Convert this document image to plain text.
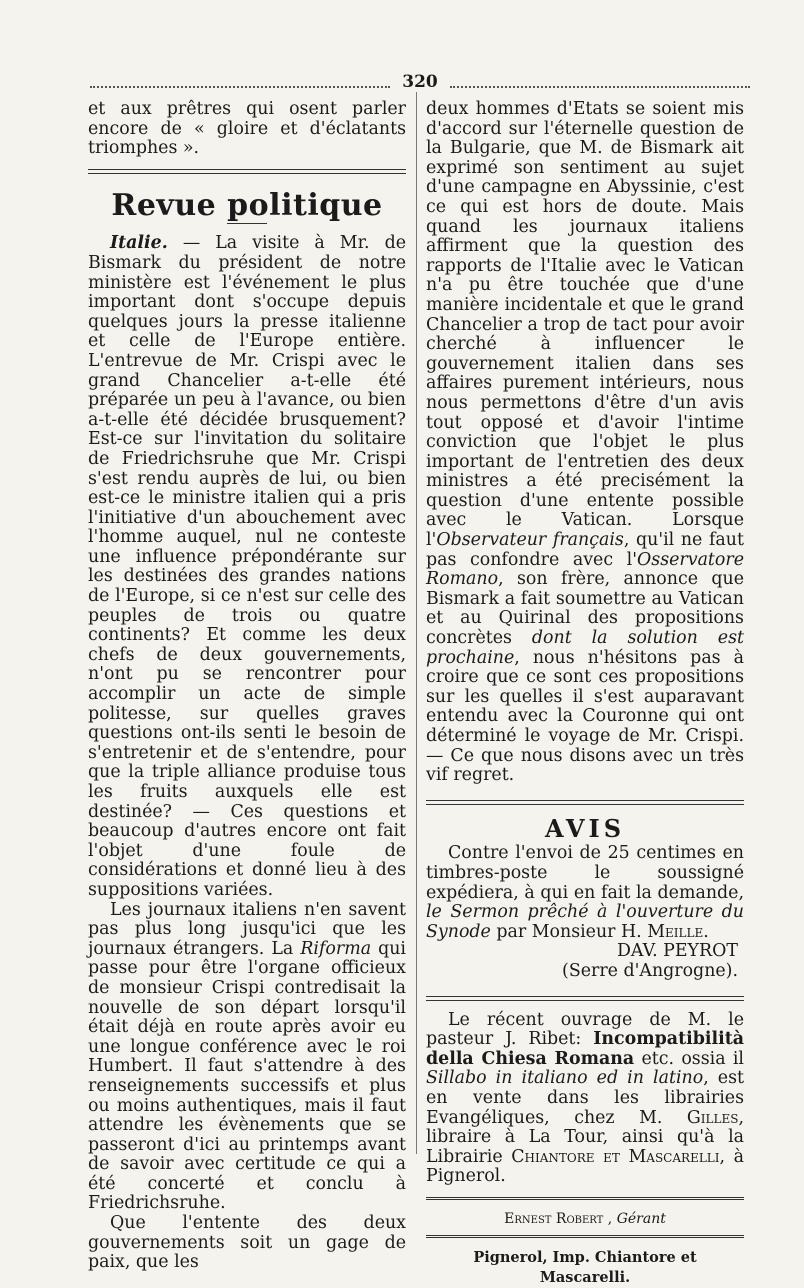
320

et aux prêtres qui osent parler encore de « gloire et d'éclatants triomphes ».

Revue politique

Italie. — La visite à Mr. de Bismark du président de notre ministère est l'événement le plus important dont s'occupe depuis quelques jours la presse italienne et celle de l'Europe entière. L'entrevue de Mr. Crispi avec le grand Chancelier a-t-elle été préparée un peu à l'avance, ou bien a-t-elle été décidée brusquement? Est-ce sur l'invitation du solitaire de Friedrichsruhe que Mr. Crispi s'est rendu auprès de lui, ou bien est-ce le ministre italien qui a pris l'initiative d'un abouchement avec l'homme auquel, nul ne conteste une influence prépondérante sur les destinées des grandes nations de l'Europe, si ce n'est sur celle des peuples de trois ou quatre continents? Et comme les deux chefs de deux gouvernements, n'ont pu se rencontrer pour accomplir un acte de simple politesse, sur quelles graves questions ont-ils senti le besoin de s'entretenir et de s'entendre, pour que la triple alliance produise tous les fruits auxquels elle est destinée? — Ces questions et beaucoup d'autres encore ont fait l'objet d'une foule de considérations et donné lieu à des suppositions variées.

Les journaux italiens n'en savent pas plus long jusqu'ici que les journaux étrangers. La Riforma qui passe pour être l'organe officieux de monsieur Crispi contredisait la nouvelle de son départ lorsqu'il était déjà en route après avoir eu une longue conférence avec le roi Humbert. Il faut s'attendre à des renseignements successifs et plus ou moins authentiques, mais il faut attendre les évènements que se passeront d'ici au printemps avant de savoir avec certitude ce qui a été concerté et conclu à Friedrichsruhe.

Que l'entente des deux gouvernements soit un gage de paix, que les

deux hommes d'Etats se soient mis d'accord sur l'éternelle question de la Bulgarie, que M. de Bismark ait exprimé son sentiment au sujet d'une campagne en Abyssinie, c'est ce qui est hors de doute. Mais quand les journaux italiens affirment que la question des rapports de l'Italie avec le Vatican n'a pu être touchée que d'une manière incidentale et que le grand Chancelier a trop de tact pour avoir cherché à influencer le gouvernement italien dans ses affaires purement intérieurs, nous nous permettons d'être d'un avis tout opposé et d'avoir l'intime conviction que l'objet le plus important de l'entretien des deux ministres a été precisément la question d'une entente possible avec le Vatican. Lorsque l'Observateur français, qu'il ne faut pas confondre avec l'Osservatore Romano, son frère, annonce que Bismark a fait soumettre au Vatican et au Quirinal des propositions concrètes dont la solution est prochaine, nous n'hésitons pas à croire que ce sont ces propositions sur les quelles il s'est auparavant entendu avec la Couronne qui ont déterminé le voyage de Mr. Crispi. — Ce que nous disons avec un très vif regret.

AVIS

Contre l'envoi de 25 centimes en timbres-poste le soussigné expédiera, à qui en fait la demande, le Sermon prêché à l'ouverture du Synode par Monsieur H. Meille.

DAV. PEYROT

(Serre d'Angrogne).

Le récent ouvrage de M. le pasteur J. Ribet: Incompatibilità della Chiesa Romana etc. ossia il Sillabo in italiano ed in latino, est en vente dans les librairies Evangéliques, chez M. Gilles, libraire à La Tour, ainsi qu'à la Librairie Chiantore et Mascarelli, à Pignerol.

Ernest Robert , Gérant
Pignerol, Imp. Chiantore et Mascarelli.
